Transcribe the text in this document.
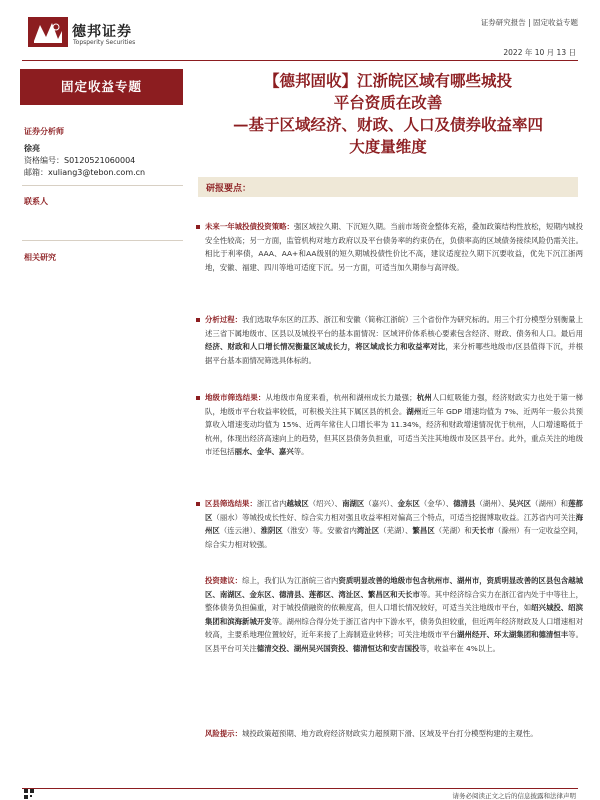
德邦证券
Topsperity Securities
证券研究报告 | 固定收益专题
2022 年 10 月 13 日
固定收益专题
证券分析师
徐亮
资格编号：S0120521060004
邮箱：xuliang3@tebon.com.cn
联系人
相关研究
【德邦固收】江浙皖区域有哪些城投
平台资质在改善
—基于区域经济、财政、人口及债券收益率四
大度量维度
研报要点：
未来一年城投债投资策略：强区域拉久期、下沉短久期。当前市场资金整体充裕，叠加政策结构性放松，短期内城投安全性较高；另一方面，监管机构对地方政府以及平台债务率的约束仍在，负债率高的区域债务接续风险仍需关注。相比于利率债，AAA、AA+和AA级别的短久期城投债性价比不高，建议适度拉久期下沉要收益，优先下沉江浙两地，安徽、福建、四川等地可适度下沉。另一方面，可适当加久期参与高评级。
分析过程：我们选取华东区的江苏、浙江和安徽（简称江浙皖）三个省份作为研究标的。用三个打分模型分别衡量上述三省下属地级市、区县以及城投平台的基本面情况：区域评价体系核心要素包含经济、财政、债务和人口。最后用经济、财政和人口增长情况衡量区域成长力，将区域成长力和收益率对比，来分析哪些地级市/区县值得下沉，并根据平台基本面情况筛选具体标的。
地级市筛选结果：从地级市角度来看，杭州和湖州成长力最强；杭州人口虹吸能力强，经济财政实力也处于第一梯队，地级市平台收益率较低，可积极关注其下属区县的机会。湖州近三年 GDP 增速均值为 7%、近两年一般公共预算收入增速变动均值为 15%、近两年常住人口增长率为 11.34%，经济和财政增速情况优于杭州，人口增速略低于杭州，体现出经济高速向上的趋势，但其区县债务负担重，可适当关注其地级市及区县平台。此外，重点关注的地级市还包括丽水、金华、嘉兴等。
区县筛选结果：浙江省内越城区（绍兴）、南湖区（嘉兴）、金东区（金华）、德清县（湖州）、吴兴区（湖州）和莲都区（丽水）等城投成长性好、综合实力相对强且收益率相对偏高三个特点，可适当挖掘博取收益。江苏省内可关注海州区（连云港）、淮阴区（淮安）等。安徽省内湾沚区（芜湖）、繁昌区（芜湖）和天长市（滁州）有一定收益空间，综合实力相对较强。
投资建议：综上，我们认为江浙皖三省内资质明显改善的地级市包含杭州市、湖州市，资质明显改善的区县包含越城区、南湖区、金东区、德清县、莲都区、湾沚区、繁昌区和天长市等。其中经济综合实力在浙江省内处于中等往上，整体债务负担偏重，对于城投债融资的依赖度高，但人口增长情况较好，可适当关注地级市平台，如绍兴城投、绍滨集团和滨海新城开发等。湖州综合得分处于浙江省内中下游水平，债务负担较重，但近两年经济财政及人口增速相对较高，主要系地理位置较好，近年来接了上海制造业转移；可关注地级市平台湖州经开、环太湖集团和德清恒丰等。区县平台可关注德清交投、湖州吴兴国资投、德清恒达和安吉国投等，收益率在 4%以上。
风险提示：城投政策超预期、地方政府经济财政实力超预期下滑、区域及平台打分模型构建的主观性。
请务必阅读正文之后的信息披露和法律声明
